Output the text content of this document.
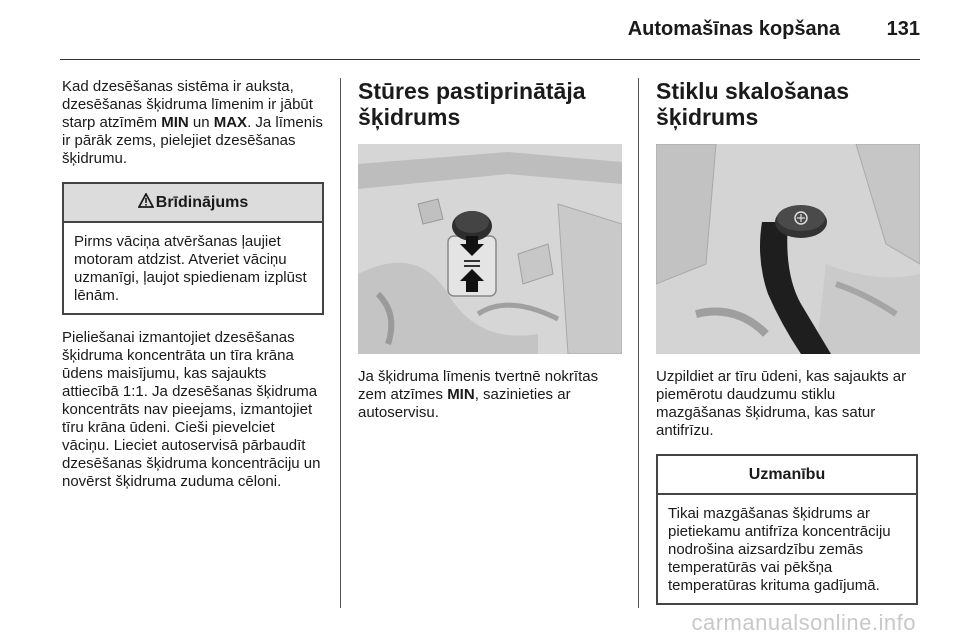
Automašīnas kopšana 131

Kad dzesēšanas sistēma ir auksta, dzesēšanas šķidruma līmenim ir jābūt starp atzīmēm MIN un MAX. Ja līmenis ir pārāk zems, pielejiet dzesēšanas šķidrumu.

Brīdinājums
Pirms vāciņa atvēršanas ļaujiet motoram atdzist. Atveriet vāciņu uzmanīgi, ļaujot spiedienam izplūst lēnām.

Pieliešanai izmantojiet dzesēšanas šķidruma koncentrāta un tīra krāna ūdens maisījumu, kas sajaukts attiecībā 1:1. Ja dzesēšanas šķidruma koncentrāts nav pieejams, izmantojiet tīru krāna ūdeni. Cieši pievelciet vāciņu. Lieciet autoservisā pārbaudīt dzesēšanas šķidruma koncentrāciju un novērst šķidruma zuduma cēloni.

Stūres pastiprinātāja šķidrums

Ja šķidruma līmenis tvertnē nokrītas zem atzīmes MIN, sazinieties ar autoservisu.

Stiklu skalošanas šķidrums

Uzpildiet ar tīru ūdeni, kas sajaukts ar piemērotu daudzumu stiklu mazgāšanas šķidruma, kas satur antifrīzu.

Uzmanību
Tikai mazgāšanas šķidrums ar pietiekamu antifrīza koncentrāciju nodrošina aizsardzību zemās temperatūrās vai pēkšņa temperatūras krituma gadījumā.
carmanualsonline.info
